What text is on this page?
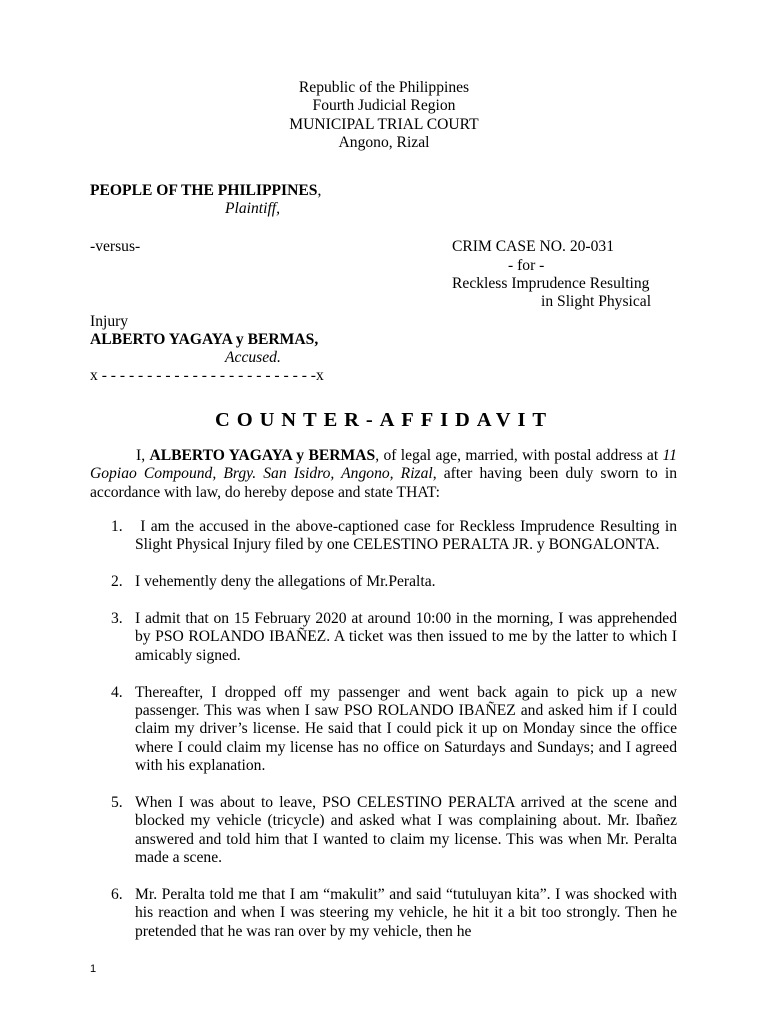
Republic of the Philippines
Fourth Judicial Region
MUNICIPAL TRIAL COURT
Angono, Rizal
PEOPLE OF THE PHILIPPINES,
Plaintiff,
-versus-	CRIM CASE NO. 20-031
- for -
Reckless Imprudence Resulting
in Slight Physical
Injury
ALBERTO YAGAYA y BERMAS,
Accused.
x - - - - - - - - - - - - - - - - - - - - - - - -x
COUNTER-AFFIDAVIT
I, ALBERTO YAGAYA y BERMAS, of legal age, married, with postal address at 11 Gopiao Compound, Brgy. San Isidro, Angono, Rizal, after having been duly sworn to in accordance with law, do hereby depose and state THAT:
1. I am the accused in the above-captioned case for Reckless Imprudence Resulting in Slight Physical Injury filed by one CELESTINO PERALTA JR. y BONGALONTA.
2. I vehemently deny the allegations of Mr.Peralta.
3. I admit that on 15 February 2020 at around 10:00 in the morning, I was apprehended by PSO ROLANDO IBAÑEZ. A ticket was then issued to me by the latter to which I amicably signed.
4. Thereafter, I dropped off my passenger and went back again to pick up a new passenger. This was when I saw PSO ROLANDO IBAÑEZ and asked him if I could claim my driver’s license. He said that I could pick it up on Monday since the office where I could claim my license has no office on Saturdays and Sundays; and I agreed with his explanation.
5. When I was about to leave, PSO CELESTINO PERALTA arrived at the scene and blocked my vehicle (tricycle) and asked what I was complaining about. Mr. Ibañez answered and told him that I wanted to claim my license. This was when Mr. Peralta made a scene.
6. Mr. Peralta told me that I am “makulit” and said “tutuluyan kita”. I was shocked with his reaction and when I was steering my vehicle, he hit it a bit too strongly. Then he pretended that he was ran over by my vehicle, then he
1
